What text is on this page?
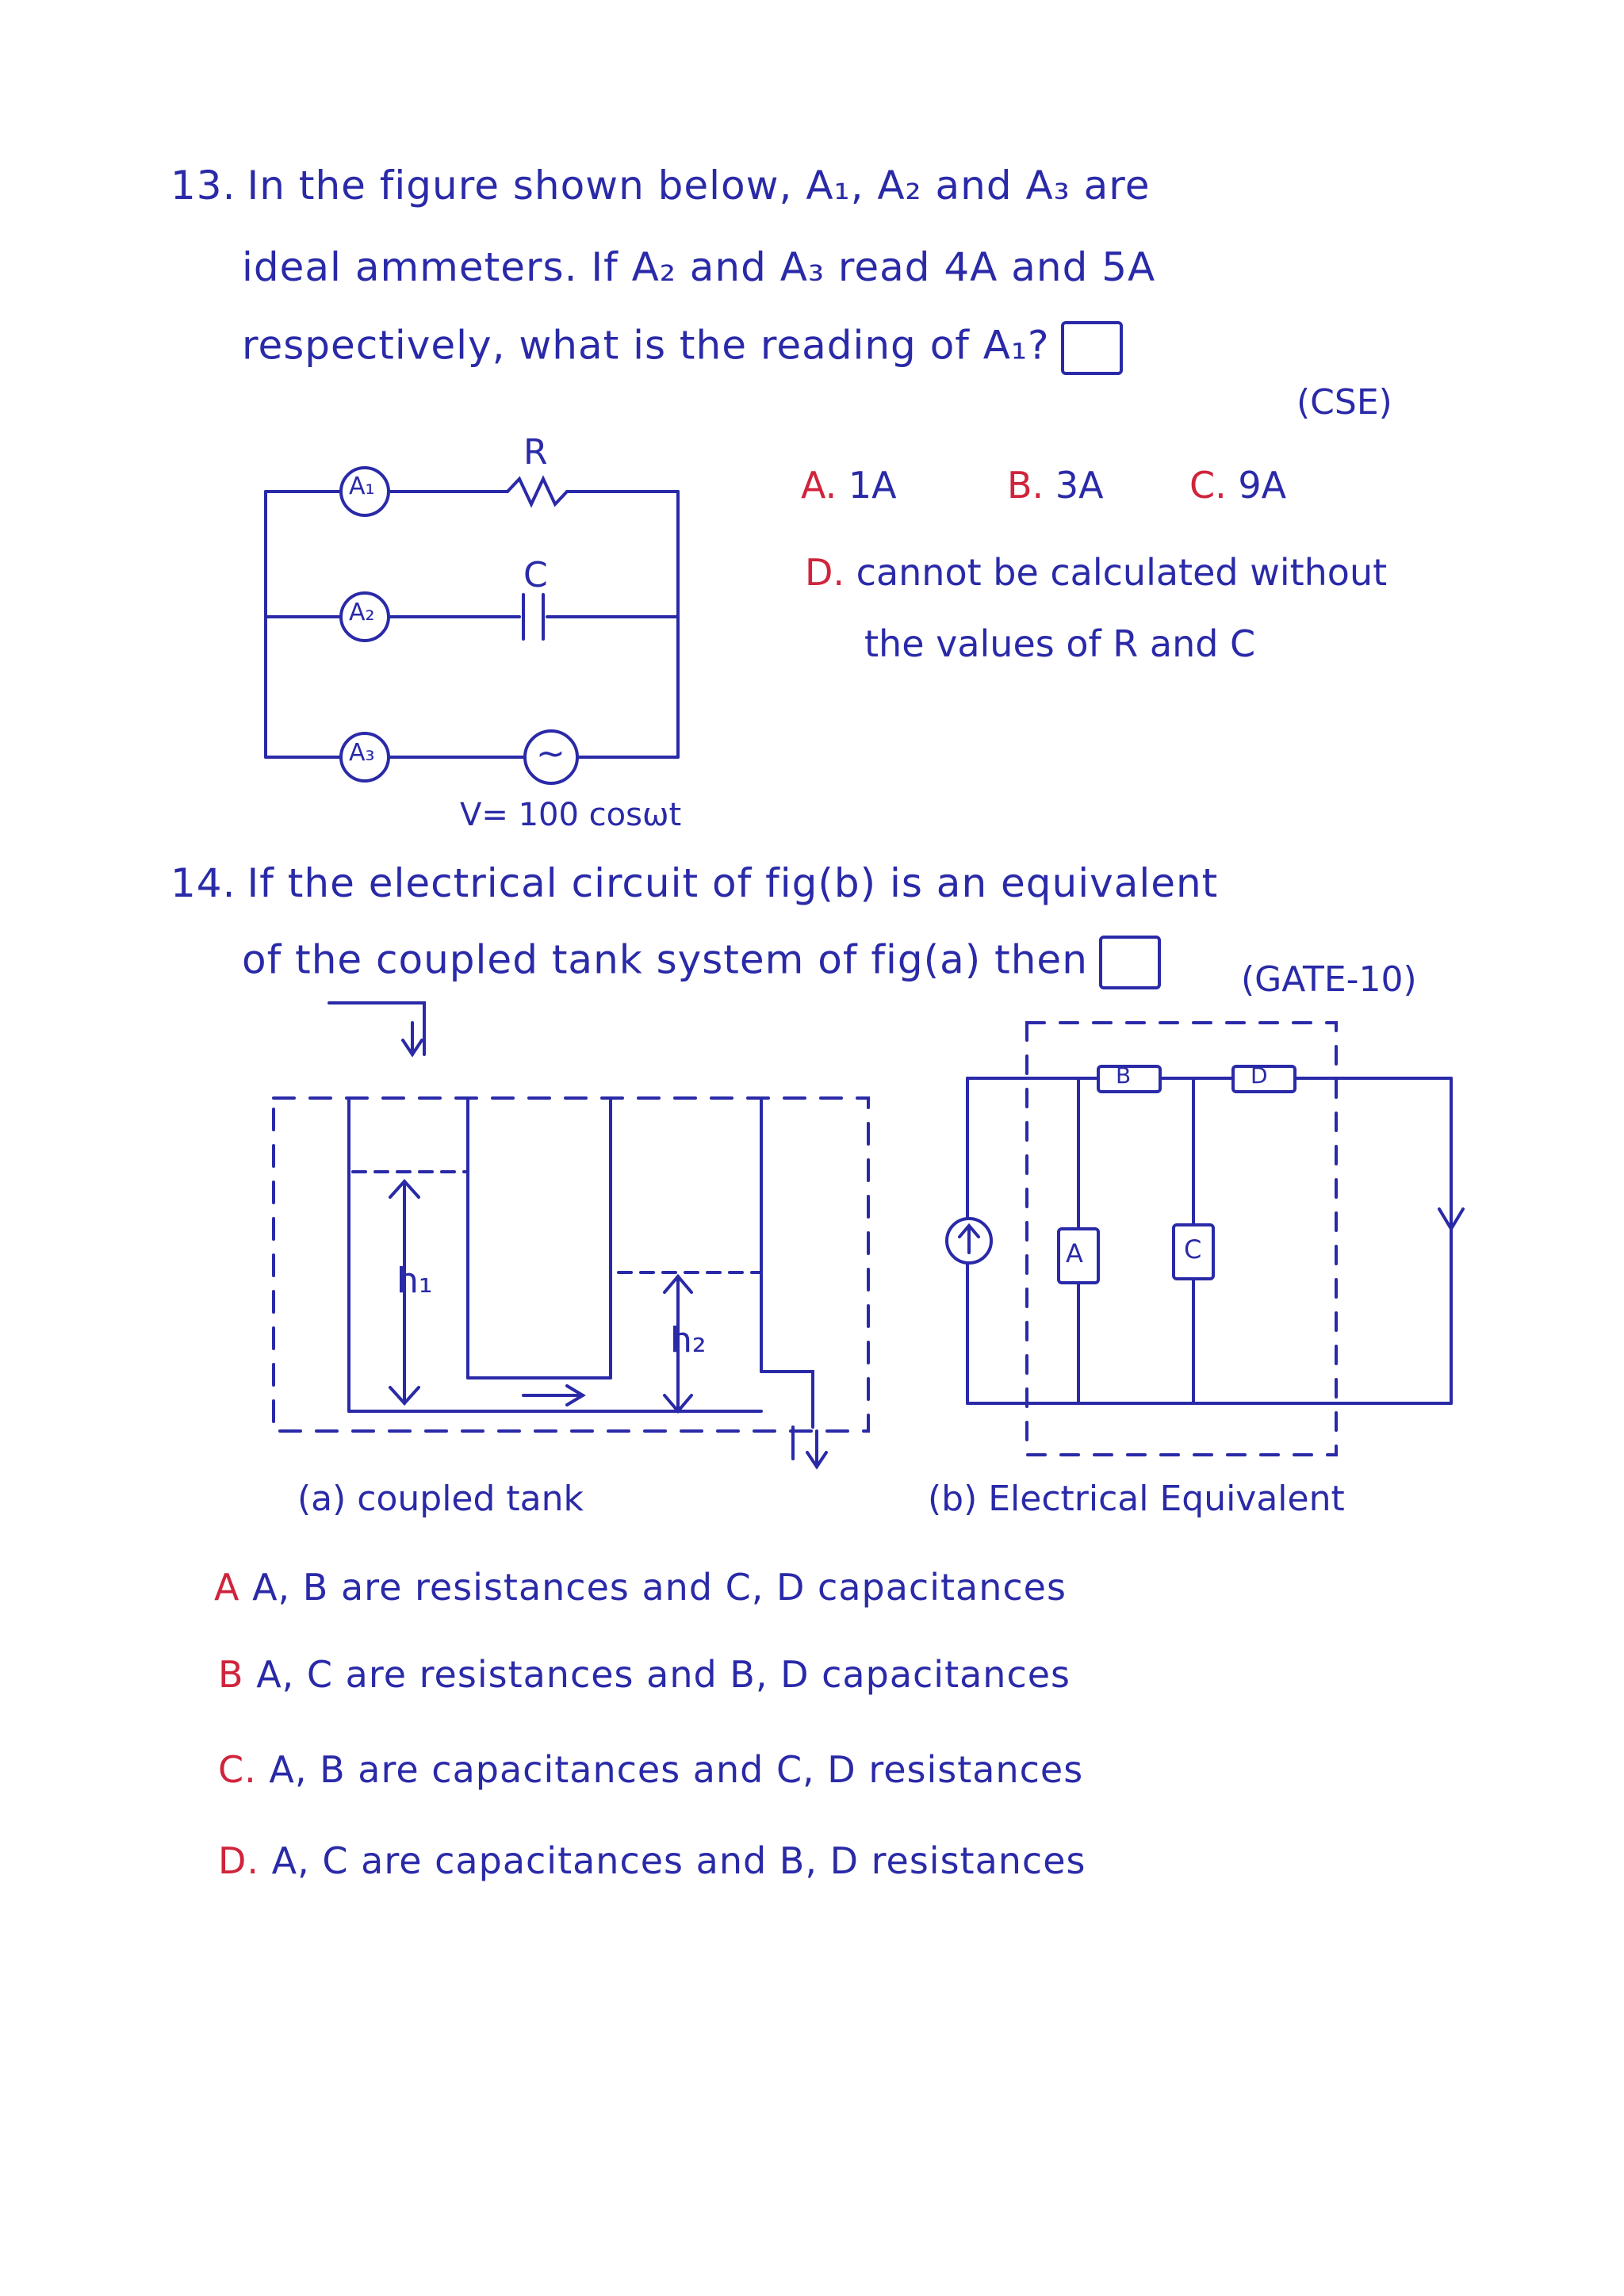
13. In the figure shown below, A₁, A₂ and A₃ are
ideal ammeters. If A₂ and A₃ read 4A and 5A
respectively, what is the reading of A₁?
(CSE)
A. 1A	B. 3A C. 9A
D. cannot be calculated without
the values of R and C
A₁
A₂
A₃
R
C
~
V= 100 cosωt
14. If the electrical circuit of fig(b) is an equivalent
of the coupled tank system of fig(a) then	(GATE-10)
h₁
h₂
(a) coupled tank
B	D
A	C
(b) Electrical Equivalent
A A, B are resistances and C, D capacitances
B A, C are resistances and B, D capacitances
C. A, B are capacitances and C, D resistances
D. A, C are capacitances and B, D resistances
